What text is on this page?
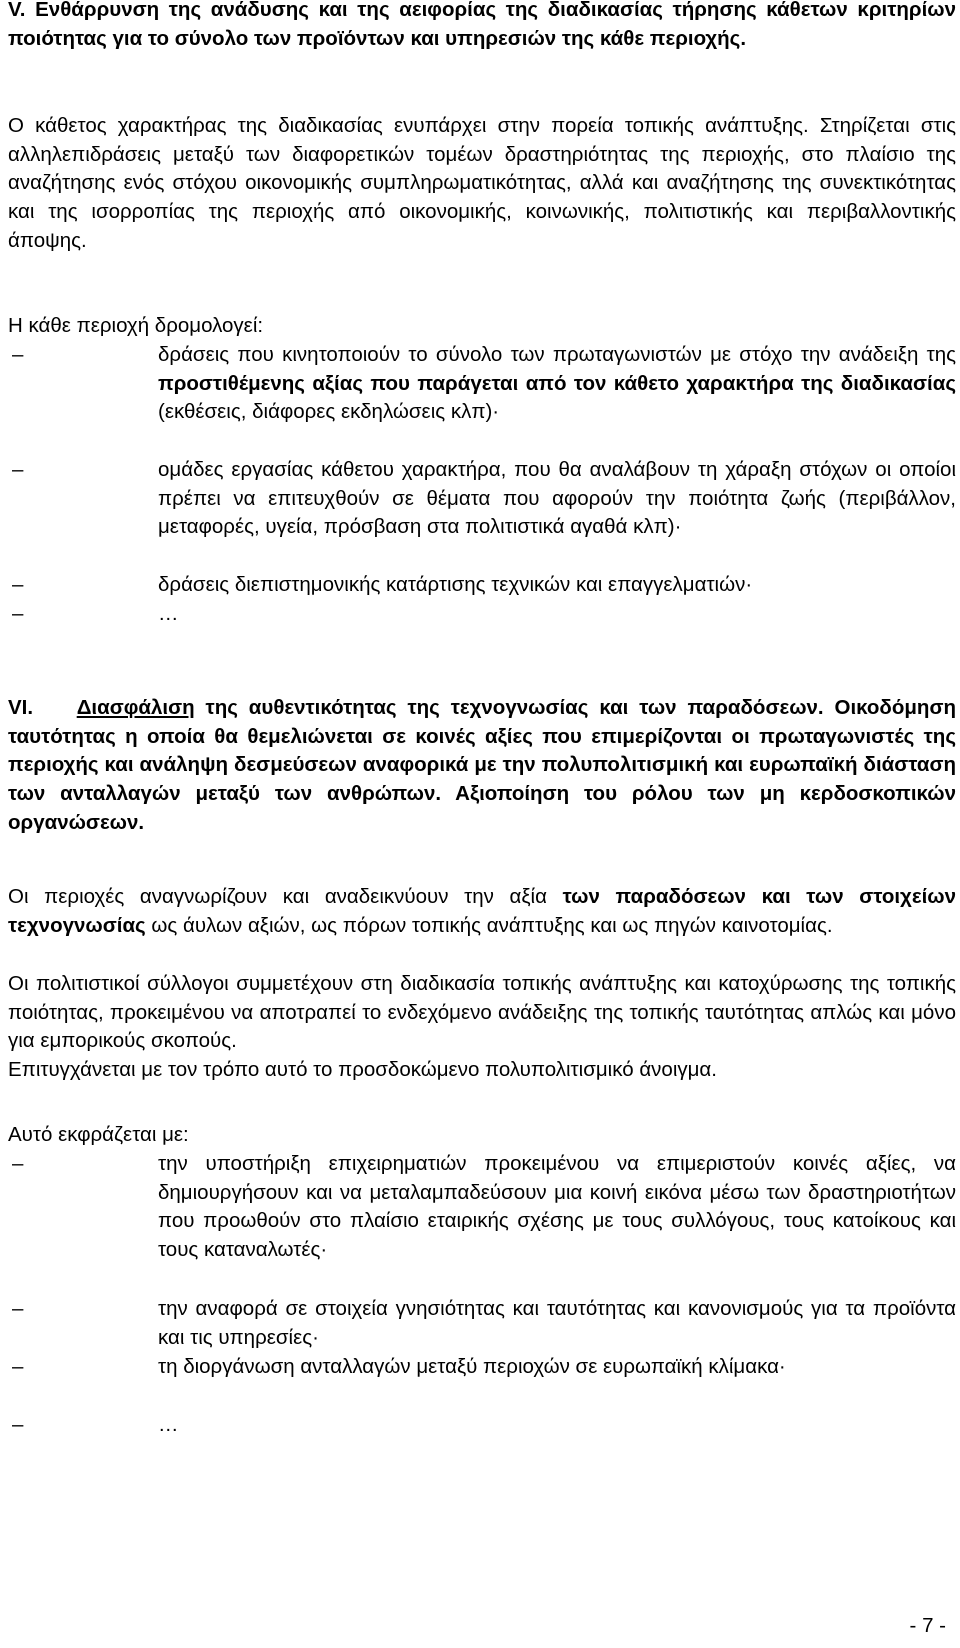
V. Ενθάρρυνση της ανάδυσης και της αειφορίας της διαδικασίας τήρησης κάθετων κριτηρίων ποιότητας για το σύνολο των προϊόντων και υπηρεσιών της κάθε περιοχής.
Ο κάθετος χαρακτήρας της διαδικασίας ενυπάρχει στην πορεία τοπικής ανάπτυξης. Στηρίζεται στις αλληλεπιδράσεις μεταξύ των διαφορετικών τομέων δραστηριότητας της περιοχής, στο πλαίσιο της αναζήτησης ενός στόχου οικονομικής συμπληρωματικότητας, αλλά και αναζήτησης της συνεκτικότητας και της ισορροπίας της περιοχής από οικονομικής, κοινωνικής, πολιτιστικής και περιβαλλοντικής άποψης.
Η κάθε περιοχή δρομολογεί:
–	δράσεις που κινητοποιούν το σύνολο των πρωταγωνιστών με στόχο την ανάδειξη της προστιθέμενης αξίας που παράγεται από τον κάθετο χαρακτήρα της διαδικασίας (εκθέσεις, διάφορες εκδηλώσεις κλπ)·
–	ομάδες εργασίας κάθετου χαρακτήρα, που θα αναλάβουν τη χάραξη στόχων οι οποίοι πρέπει να επιτευχθούν σε θέματα που αφορούν την ποιότητα ζωής (περιβάλλον, μεταφορές, υγεία, πρόσβαση στα πολιτιστικά αγαθά κλπ)·
–	δράσεις διεπιστημονικής κατάρτισης τεχνικών και επαγγελματιών·
–	…
VI. Διασφάλιση της αυθεντικότητας της τεχνογνωσίας και των παραδόσεων. Οικοδόμηση ταυτότητας η οποία θα θεμελιώνεται σε κοινές αξίες που επιμερίζονται οι πρωταγωνιστές της περιοχής και ανάληψη δεσμεύσεων αναφορικά με την πολυπολιτισμική και ευρωπαϊκή διάσταση των ανταλλαγών μεταξύ των ανθρώπων. Αξιοποίηση του ρόλου των μη κερδοσκοπικών οργανώσεων.
Οι περιοχές αναγνωρίζουν και αναδεικνύουν την αξία των παραδόσεων και των στοιχείων τεχνογνωσίας ως άυλων αξιών, ως πόρων τοπικής ανάπτυξης και ως πηγών καινοτομίας.
Οι πολιτιστικοί σύλλογοι συμμετέχουν στη διαδικασία τοπικής ανάπτυξης και κατοχύρωσης της τοπικής ποιότητας, προκειμένου να αποτραπεί το ενδεχόμενο ανάδειξης της τοπικής ταυτότητας απλώς και μόνο για εμπορικούς σκοπούς.
Επιτυγχάνεται με τον τρόπο αυτό το προσδοκώμενο πολυπολιτισμικό άνοιγμα.
Αυτό εκφράζεται με:
–	την υποστήριξη επιχειρηματιών προκειμένου να επιμεριστούν κοινές αξίες, να δημιουργήσουν και να μεταλαμπαδεύσουν μια κοινή εικόνα μέσω των δραστηριοτήτων που προωθούν στο πλαίσιο εταιρικής σχέσης με τους συλλόγους, τους κατοίκους και τους καταναλωτές·
–	την αναφορά σε στοιχεία γνησιότητας και ταυτότητας και κανονισμούς για τα προϊόντα και τις υπηρεσίες·
–	τη διοργάνωση ανταλλαγών μεταξύ περιοχών σε ευρωπαϊκή κλίμακα·
–	…
- 7 -
